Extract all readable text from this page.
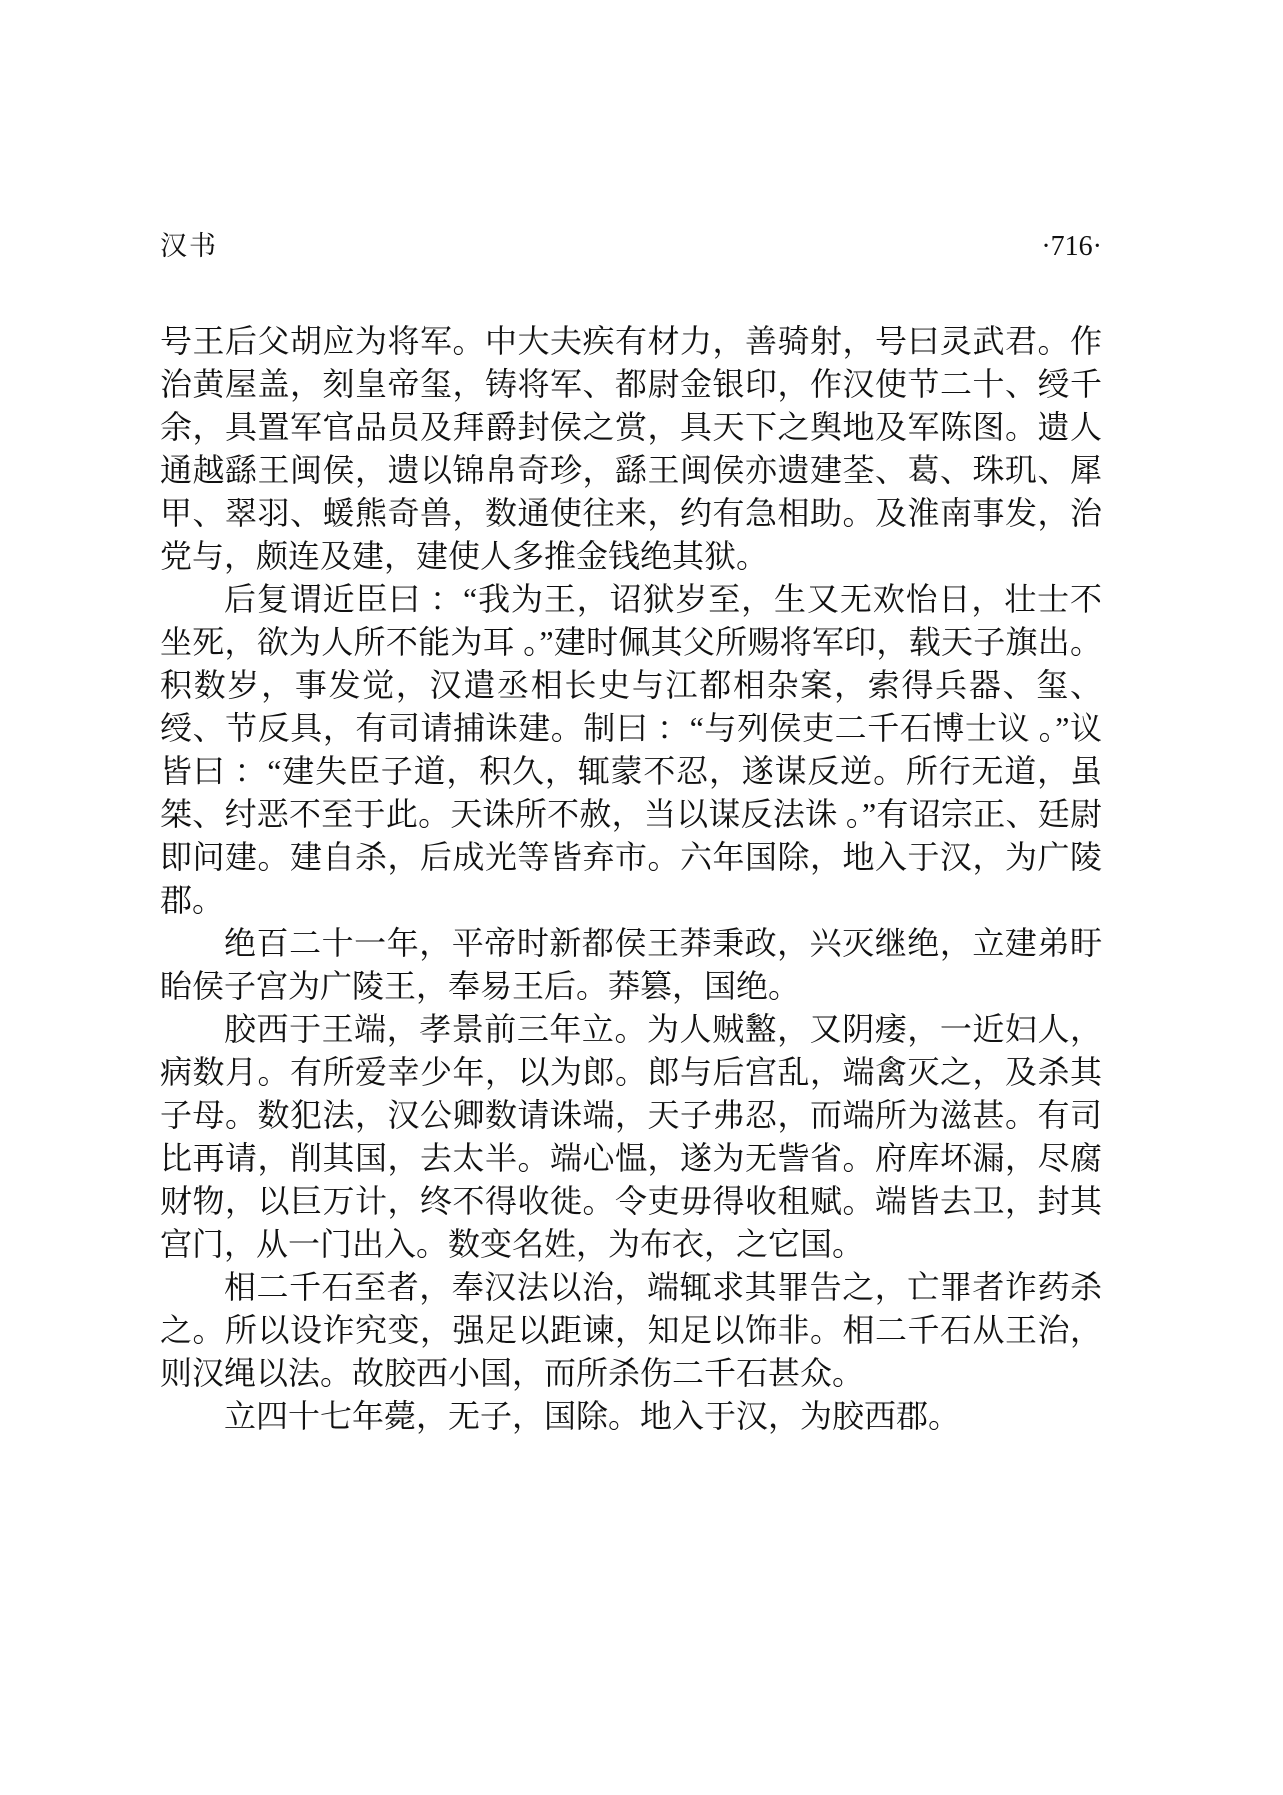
汉书	·716·

号王后父胡应为将军。中大夫疾有材力，善骑射，号曰灵武君。作治黄屋盖，刻皇帝玺，铸将军、都尉金银印，作汉使节二十、绶千余，具置军官品员及拜爵封侯之赏，具天下之舆地及军陈图。遗人通越繇王闽侯，遗以锦帛奇珍，繇王闽侯亦遗建荃、葛、珠玑、犀甲、翠羽、蝯熊奇兽，数通使往来，约有急相助。及淮南事发，治党与，颇连及建，建使人多推金钱绝其狱。

后复谓近臣曰 ：“我为王，诏狱岁至，生又无欢怡日，壮士不坐死，欲为人所不能为耳 。”建时佩其父所赐将军印，载天子旗出。积数岁，事发觉，汉遣丞相长史与江都相杂案，索得兵器、玺、绶、节反具，有司请捕诛建。制曰 ：“与列侯吏二千石博士议 。”议皆曰 ：“建失臣子道，积久，辄蒙不忍，遂谋反逆。所行无道，虽桀、纣恶不至于此。天诛所不赦，当以谋反法诛 。”有诏宗正、廷尉即问建。建自杀，后成光等皆弃市。六年国除，地入于汉，为广陵郡。

绝百二十一年，平帝时新都侯王莽秉政，兴灭继绝，立建弟盱眙侯子宫为广陵王，奉易王后。莽篡，国绝。

胶西于王端，孝景前三年立。为人贼盭，又阴痿，一近妇人，病数月。有所爱幸少年，以为郎。郎与后宫乱，端禽灭之，及杀其子母。数犯法，汉公卿数请诛端，天子弗忍，而端所为滋甚。有司比再请，削其国，去太半。端心愠，遂为无訾省。府库坏漏，尽腐财物，以巨万计，终不得收徙。令吏毋得收租赋。端皆去卫，封其宫门，从一门出入。数变名姓，为布衣，之它国。

相二千石至者，奉汉法以治，端辄求其罪告之，亡罪者诈药杀之。所以设诈究变，强足以距谏，知足以饰非。相二千石从王治，则汉绳以法。故胶西小国，而所杀伤二千石甚众。

立四十七年薨，无子，国除。地入于汉，为胶西郡。
